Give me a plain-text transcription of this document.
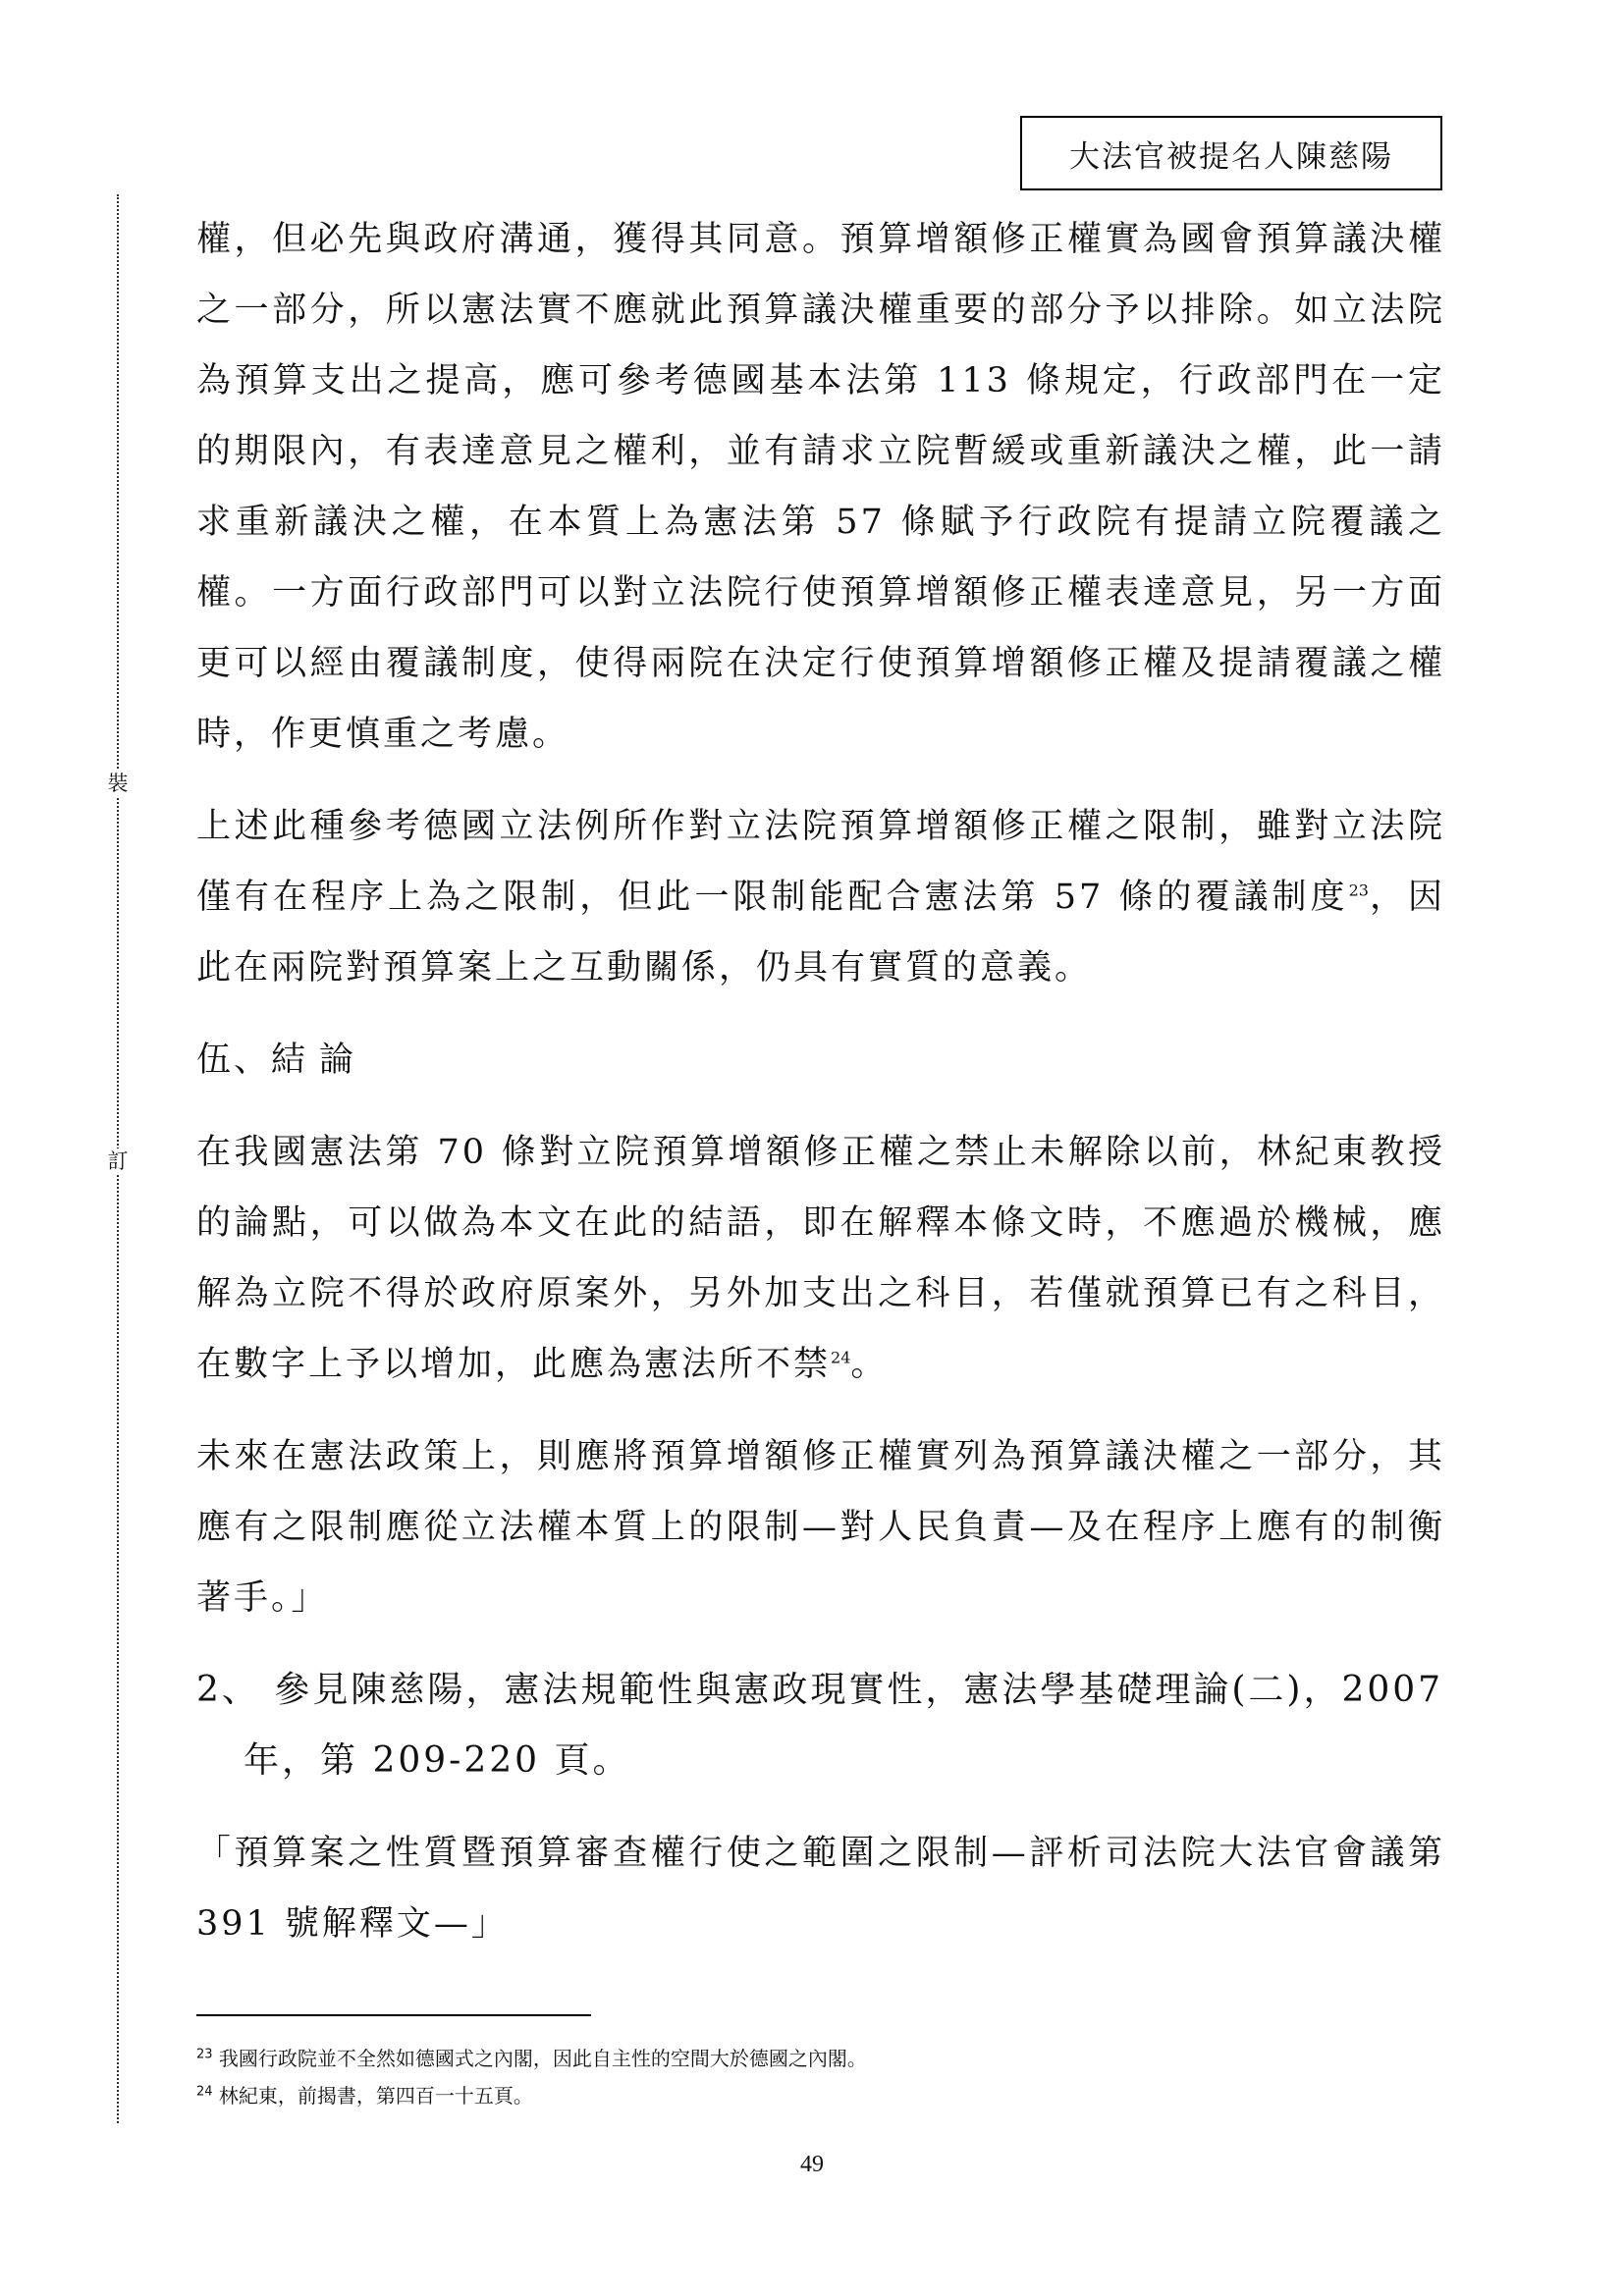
大法官被提名人陳慈陽
裝
訂

權，但必先與政府溝通，獲得其同意。預算增額修正權實為國會預算議決權之一部分，所以憲法實不應就此預算議決權重要的部分予以排除。如立法院為預算支出之提高，應可參考德國基本法第 113 條規定，行政部門在一定的期限內，有表達意見之權利，並有請求立院暫緩或重新議決之權，此一請求重新議決之權，在本質上為憲法第 57 條賦予行政院有提請立院覆議之權。一方面行政部門可以對立法院行使預算增額修正權表達意見，另一方面更可以經由覆議制度，使得兩院在決定行使預算增額修正權及提請覆議之權時，作更慎重之考慮。

上述此種參考德國立法例所作對立法院預算增額修正權之限制，雖對立法院僅有在程序上為之限制，但此一限制能配合憲法第 57 條的覆議制度$^{23}$，因此在兩院對預算案上之互動關係，仍具有實質的意義。

伍、結論

在我國憲法第 70 條對立院預算增額修正權之禁止未解除以前，林紀東教授的論點，可以做為本文在此的結語，即在解釋本條文時，不應過於機械，應解為立院不得於政府原案外，另外加支出之科目，若僅就預算已有之科目，在數字上予以增加，此應為憲法所不禁$^{24}$。

未來在憲法政策上，則應將預算增額修正權實列為預算議決權之一部分，其應有之限制應從立法權本質上的限制—對人民負責—及在程序上應有的制衡著手。」

2、 參見陳慈陽，憲法規範性與憲政現實性，憲法學基礎理論(二)，2007 年，第 209-220 頁。

「預算案之性質暨預算審查權行使之範圍之限制—評析司法院大法官會議第 391 號解釋文—」

$^{23}$ 我國行政院並不全然如德國式之內閣，因此自主性的空間大於德國之內閣。
$^{24}$ 林紀東，前揭書，第四百一十五頁。
49
